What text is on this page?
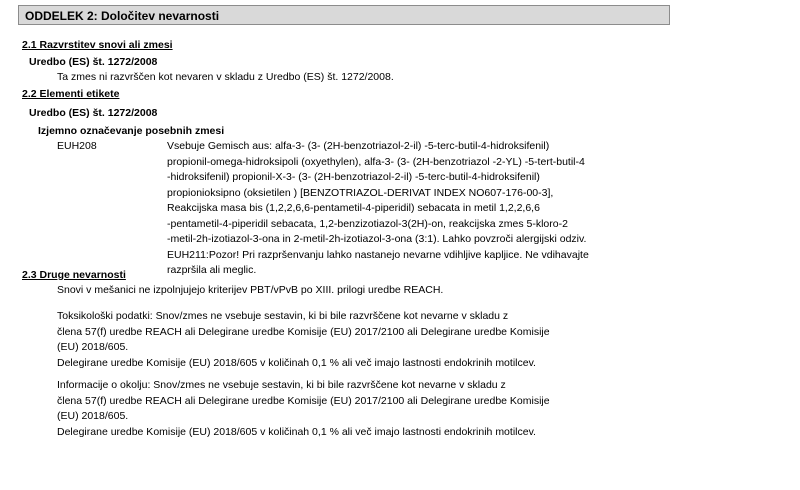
ODDELEK 2: Določitev nevarnosti
2.1 Razvrstitev snovi ali zmesi
Uredbo (ES) št. 1272/2008
Ta zmes ni razvrščen kot nevaren v skladu z Uredbo (ES) št. 1272/2008.
2.2 Elementi etikete
Uredbo (ES) št. 1272/2008
Izjemno označevanje posebnih zmesi
EUH208	Vsebuje Gemisch aus: alfa-3- (3- (2H-benzotriazol-2-il) -5-terc-butil-4-hidroksifenil)
propionil-omega-hidroksipoli (oxyethylen), alfa-3- (3- (2H-benzotriazol -2-YL) -5-tert-butil-4
-hidroksifenil) propionil-X-3- (3- (2H-benzotriazol-2-il) -5-terc-butil-4-hidroksifenil)
propionioksipno (oksietilen ) [BENZOTRIAZOL-DERIVAT INDEX NO607-176-00-3],
Reakcijska masa bis (1,2,2,6,6-pentametil-4-piperidil) sebacata in metil 1,2,2,6,6
-pentametil-4-piperidil sebacata, 1,2-benzizotiazol-3(2H)-on, reakcijska zmes 5-kloro-2
-metil-2h-izotiazol-3-ona in 2-metil-2h-izotiazol-3-ona (3:1). Lahko povzroči alergijski odziv.
EUH211:Pozor! Pri razpršenvanju lahko nastanejo nevarne vdihljive kapljice. Ne vdihavajte
razpršila ali meglic.
2.3 Druge nevarnosti
Snovi v mešanici ne izpolnjujejo kriterijev PBT/vPvB po XIII. prilogi uredbe REACH.
Toksikološki podatki: Snov/zmes ne vsebuje sestavin, ki bi bile razvrščene kot nevarne v skladu z
člena 57(f) uredbe REACH ali Delegirane uredbe Komisije (EU) 2017/2100 ali Delegirane uredbe Komisije
(EU) 2018/605.
Delegirane uredbe Komisije (EU) 2018/605 v količinah 0,1 % ali več imajo lastnosti endokrinih motilcev.
Informacije o okolju: Snov/zmes ne vsebuje sestavin, ki bi bile razvrščene kot nevarne v skladu z
člena 57(f) uredbe REACH ali Delegirane uredbe Komisije (EU) 2017/2100 ali Delegirane uredbe Komisije
(EU) 2018/605.
Delegirane uredbe Komisije (EU) 2018/605 v količinah 0,1 % ali več imajo lastnosti endokrinih motilcev.
